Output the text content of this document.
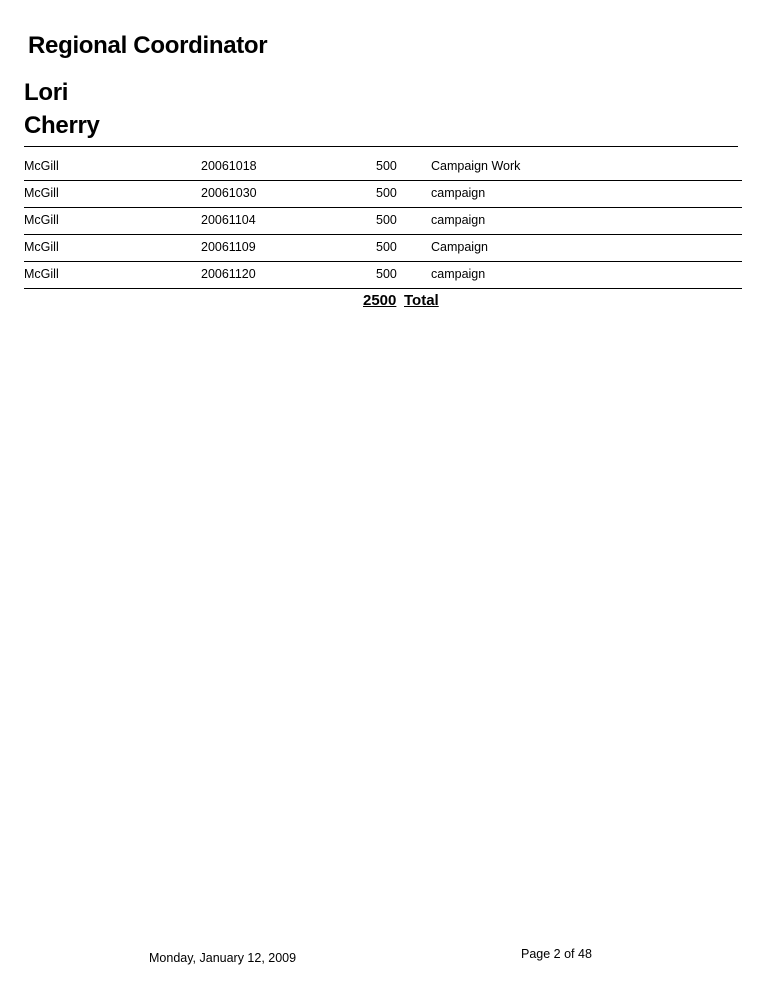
Regional Coordinator
Lori
Cherry
McGill	20061018	500	Campaign Work
McGill	20061030	500	campaign
McGill	20061104	500	campaign
McGill	20061109	500	Campaign
McGill	20061120	500	campaign
2500 Total
Monday, January 12, 2009	Page 2 of 48
